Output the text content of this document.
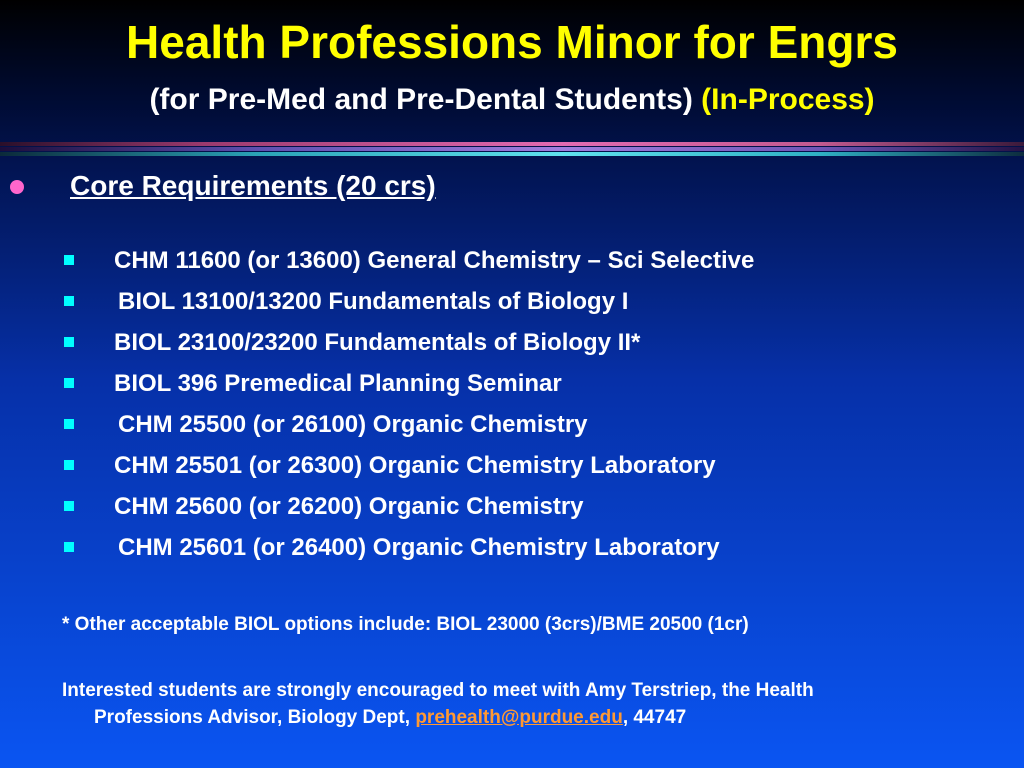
Health Professions Minor for Engrs
(for Pre-Med and Pre-Dental Students) (In-Process)
Core Requirements (20 crs)
CHM 11600 (or 13600) General Chemistry – Sci Selective
BIOL 13100/13200 Fundamentals of Biology I
BIOL 23100/23200 Fundamentals of Biology II*
BIOL 396 Premedical Planning Seminar
CHM 25500 (or 26100) Organic Chemistry
CHM 25501 (or 26300) Organic Chemistry Laboratory
CHM 25600 (or 26200) Organic Chemistry
CHM 25601 (or 26400) Organic Chemistry Laboratory
* Other acceptable BIOL options include: BIOL 23000 (3crs)/BME 20500 (1cr)
Interested students are strongly encouraged to meet with Amy Terstriep, the Health
Professions Advisor, Biology Dept, prehealth@purdue.edu, 44747
